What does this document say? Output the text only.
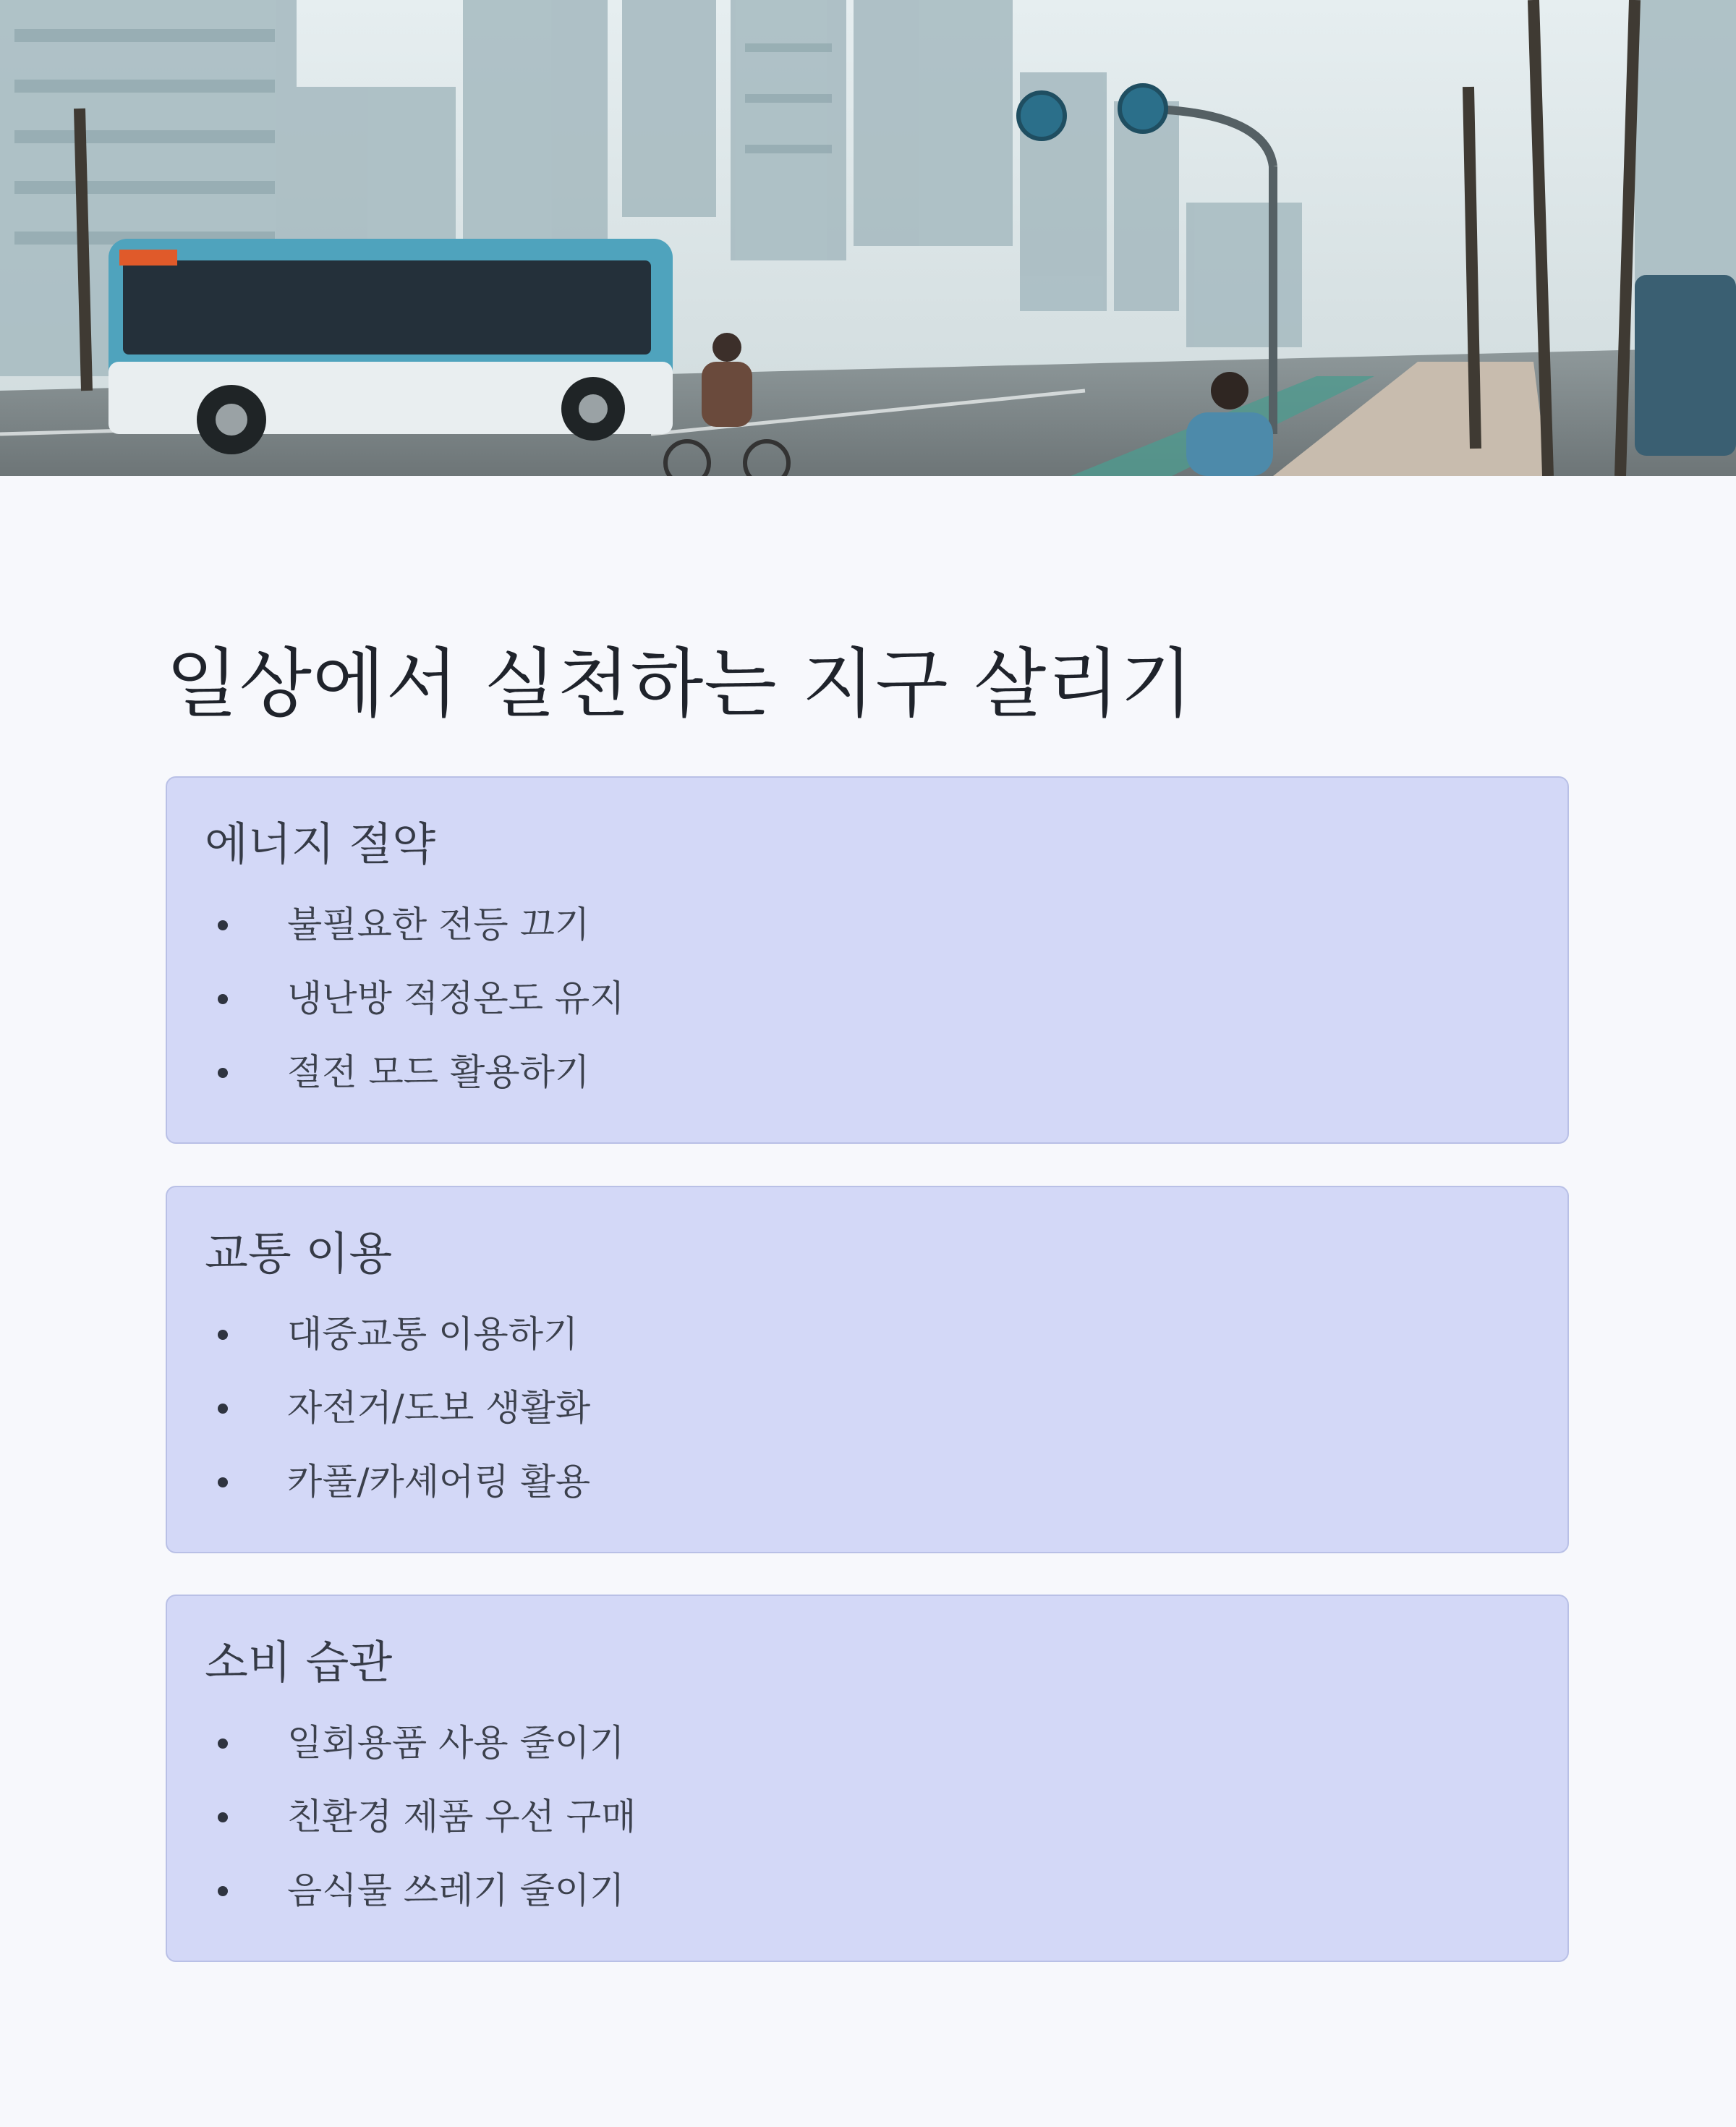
일상에서 실천하는 지구 살리기
에너지 절약
불필요한 전등 끄기
냉난방 적정온도 유지
절전 모드 활용하기
교통 이용
대중교통 이용하기
자전거/도보 생활화
카풀/카셰어링 활용
소비 습관
일회용품 사용 줄이기
친환경 제품 우선 구매
음식물 쓰레기 줄이기
